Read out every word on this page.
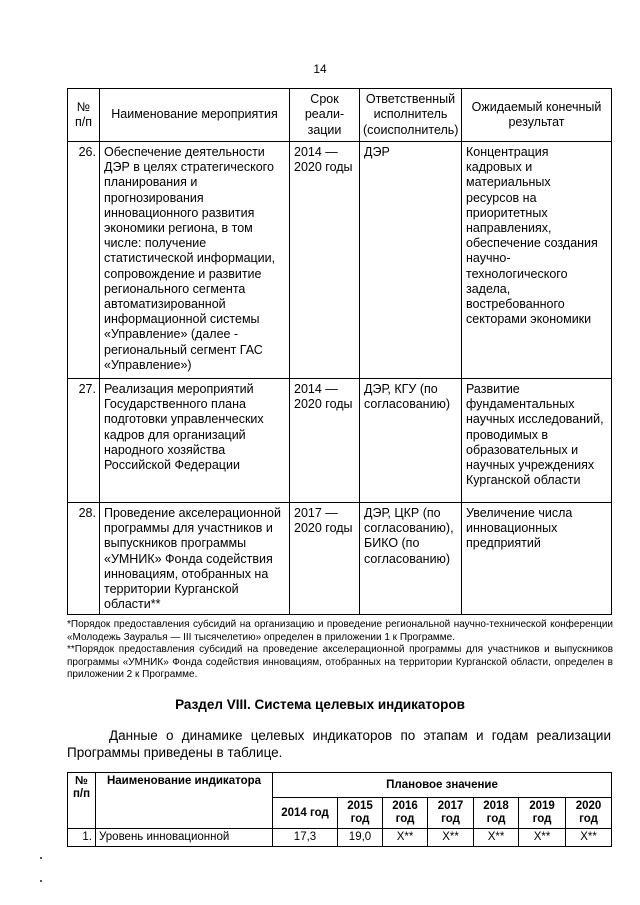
14
№ п/п	Наименование мероприятия	Срок реали-зации	Ответственный исполнитель (соисполнитель)	Ожидаемый конечный результат
26.	Обеспечение деятельности ДЭР в целях стратегического планирования и прогнозирования инновационного развития экономики региона, в том числе: получение статистической информации, сопровождение и развитие регионального сегмента автоматизированной информационной системы «Управление» (далее - региональный сегмент ГАС «Управление»)	2014 — 2020 годы	ДЭР	Концентрация кадровых и материальных ресурсов на приоритетных направлениях, обеспечение создания научно-технологического задела, востребованного секторами экономики
27.	Реализация мероприятий Государственного плана подготовки управленческих кадров для организаций народного хозяйства Российской Федерации	2014 — 2020 годы	ДЭР, КГУ (по согласованию)	Развитие фундаментальных научных исследований, проводимых в образовательных и научных учреждениях Курганской области
28.	Проведение акселерационной программы для участников и выпускников программы «УМНИК» Фонда содействия инновациям, отобранных на территории Курганской области**	2017 — 2020 годы	ДЭР, ЦКР (по согласованию), БИКО (по согласованию)	Увеличение числа инновационных предприятий

*Порядок предоставления субсидий на организацию и проведение региональной научно-технической конференции «Молодежь Зауралья — III тысячелетию» определен в приложении 1 к Программе.

**Порядок предоставления субсидий на проведение акселерационной программы для участников и выпускников программы «УМНИК» Фонда содействия инновациям, отобранных на территории Курганской области, определен в приложении 2 к Программе.

Раздел VIII. Система целевых индикаторов

Данные о динамике целевых индикаторов по этапам и годам реализации Программы приведены в таблице.

№ п/п	Наименование индикатора	Плановое значение						
		2014 год	2015 год	2016 год	2017 год	2018 год	2019 год	2020 год
1.	Уровень инновационной	17,3	19,0	X**	X**	X**	X**	X**
